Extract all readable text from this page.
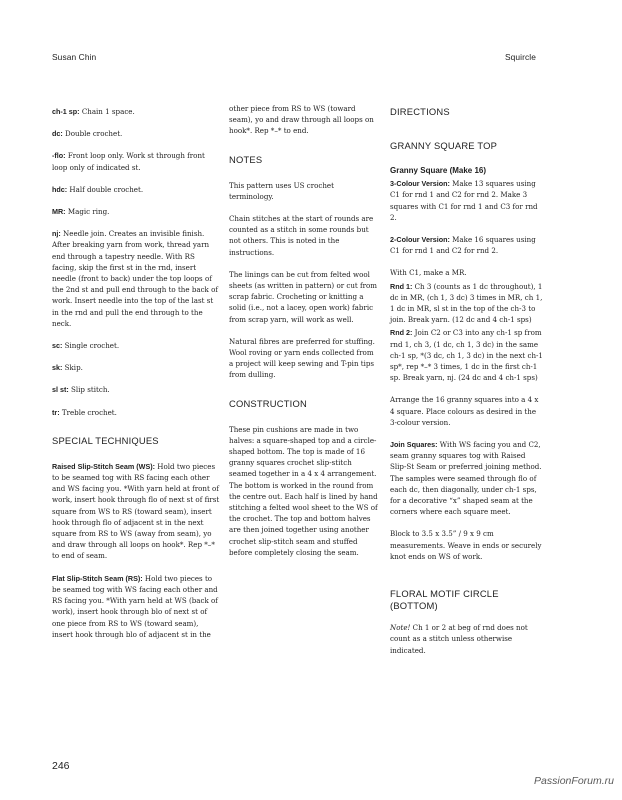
Susan Chin	Squircle
ch-1 sp: Chain 1 space.
dc: Double crochet.
-flo: Front loop only. Work st through front loop only of indicated st.
hdc: Half double crochet.
MR: Magic ring.
nj: Needle join. Creates an invisible finish. After breaking yarn from work, thread yarn end through a tapestry needle. With RS facing, skip the first st in the rnd, insert needle (front to back) under the top loops of the 2nd st and pull end through to the back of work. Insert needle into the top of the last st in the rnd and pull the end through to the neck.
sc: Single crochet.
sk: Skip.
sl st: Slip stitch.
tr: Treble crochet.
SPECIAL TECHNIQUES
Raised Slip-Stitch Seam (WS): Hold two pieces to be seamed tog with RS facing each other and WS facing you. *With yarn held at front of work, insert hook through flo of next st of first square from WS to RS (toward seam), insert hook through flo of adjacent st in the next square from RS to WS (away from seam), yo and draw through all loops on hook*. Rep *–* to end of seam.
Flat Slip-Stitch Seam (RS): Hold two pieces to be seamed tog with WS facing each other and RS facing you. *With yarn held at WS (back of work), insert hook through blo of next st of one piece from RS to WS (toward seam), insert hook through blo of adjacent st in the
other piece from RS to WS (toward seam), yo and draw through all loops on hook*. Rep *–* to end.
NOTES
This pattern uses US crochet terminology.
Chain stitches at the start of rounds are counted as a stitch in some rounds but not others. This is noted in the instructions.
The linings can be cut from felted wool sheets (as written in pattern) or cut from scrap fabric. Crocheting or knitting a solid (i.e., not a lacey, open work) fabric from scrap yarn, will work as well.
Natural fibres are preferred for stuffing. Wool roving or yarn ends collected from a project will keep sewing and T-pin tips from dulling.
CONSTRUCTION
These pin cushions are made in two halves: a square-shaped top and a circle-shaped bottom. The top is made of 16 granny squares crochet slip-stitch seamed together in a 4 x 4 arrangement. The bottom is worked in the round from the centre out. Each half is lined by hand stitching a felted wool sheet to the WS of the crochet. The top and bottom halves are then joined together using another crochet slip-stitch seam and stuffed before completely closing the seam.
DIRECTIONS
GRANNY SQUARE TOP
Granny Square (Make 16)
3-Colour Version: Make 13 squares using C1 for rnd 1 and C2 for rnd 2. Make 3 squares with C1 for rnd 1 and C3 for rnd 2.
2-Colour Version: Make 16 squares using C1 for rnd 1 and C2 for rnd 2.
With C1, make a MR.
Rnd 1: Ch 3 (counts as 1 dc throughout), 1 dc in MR, (ch 1, 3 dc) 3 times in MR, ch 1, 1 dc in MR, sl st in the top of the ch-3 to join. Break yarn. (12 dc and 4 ch-1 sps)
Rnd 2: Join C2 or C3 into any ch-1 sp from rnd 1, ch 3, (1 dc, ch 1, 3 dc) in the same ch-1 sp, *(3 dc, ch 1, 3 dc) in the next ch-1 sp*, rep *–* 3 times, 1 dc in the first ch-1 sp. Break yarn, nj. (24 dc and 4 ch-1 sps)
Arrange the 16 granny squares into a 4 x 4 square. Place colours as desired in the 3-colour version.
Join Squares: With WS facing you and C2, seam granny squares tog with Raised Slip-St Seam or preferred joining method. The samples were seamed through flo of each dc, then diagonally, under ch-1 sps, for a decorative “x” shaped seam at the corners where each square meet.
Block to 3.5 x 3.5” / 9 x 9 cm measurements. Weave in ends or securely knot ends on WS of work.
FLORAL MOTIF CIRCLE (BOTTOM)
Note! Ch 1 or 2 at beg of rnd does not count as a stitch unless otherwise indicated.
246
PassionForum.ru
